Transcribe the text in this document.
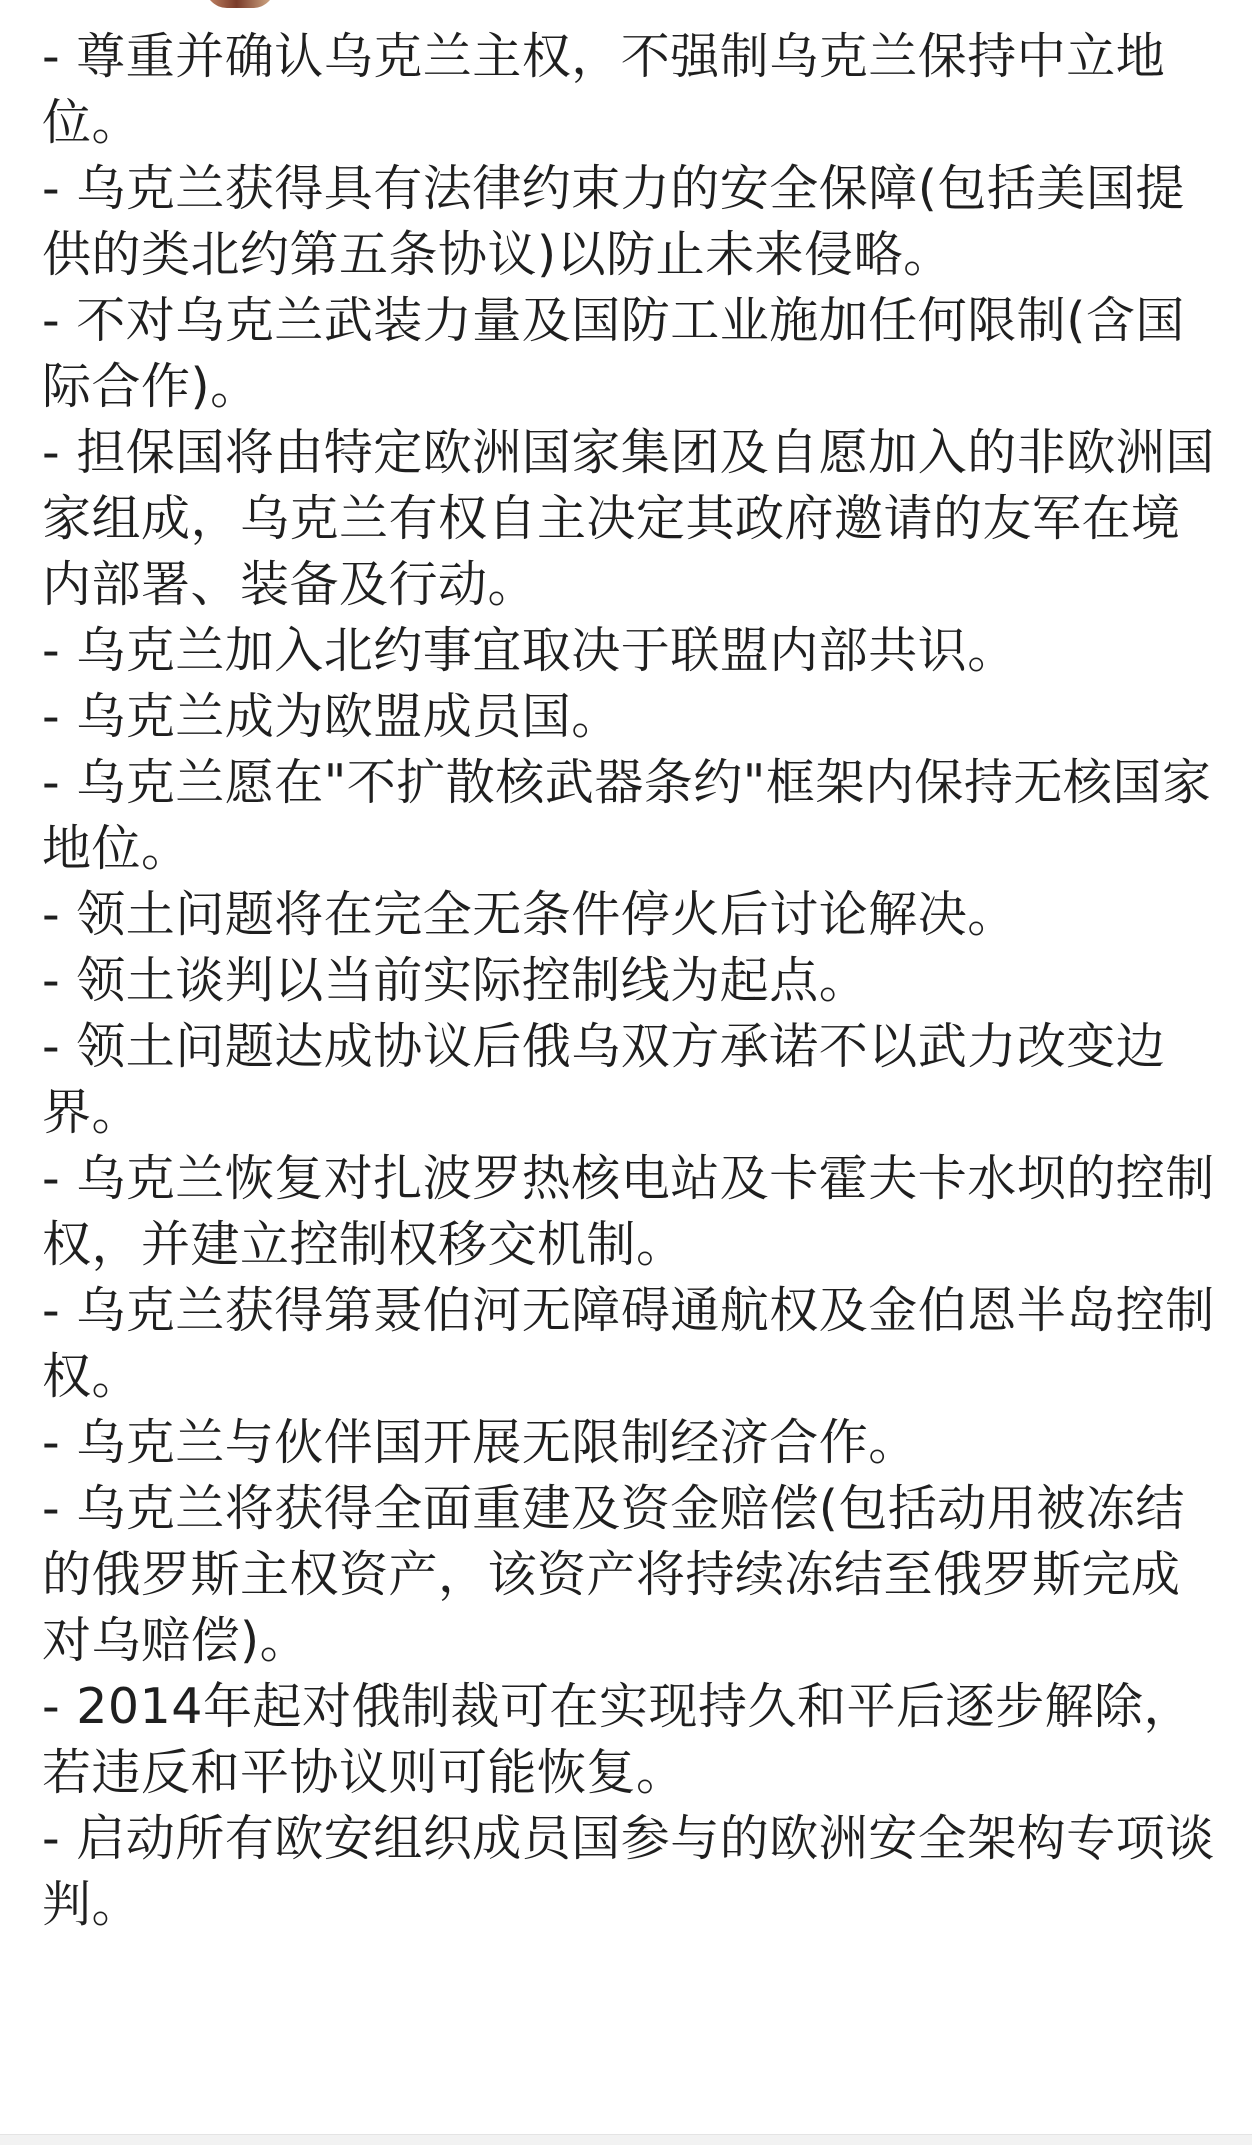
- 尊重并确认乌克兰主权，不强制乌克兰保持中立地位。

- 乌克兰获得具有法律约束力的安全保障(包括美国提供的类北约第五条协议)以防止未来侵略。

- 不对乌克兰武装力量及国防工业施加任何限制(含国际合作)。

- 担保国将由特定欧洲国家集团及自愿加入的非欧洲国家组成，乌克兰有权自主决定其政府邀请的友军在境内部署、装备及行动。

- 乌克兰加入北约事宜取决于联盟内部共识。

- 乌克兰成为欧盟成员国。

- 乌克兰愿在"不扩散核武器条约"框架内保持无核国家地位。

- 领土问题将在完全无条件停火后讨论解决。

- 领土谈判以当前实际控制线为起点。

- 领土问题达成协议后俄乌双方承诺不以武力改变边界。

- 乌克兰恢复对扎波罗热核电站及卡霍夫卡水坝的控制权，并建立控制权移交机制。

- 乌克兰获得第聂伯河无障碍通航权及金伯恩半岛控制权。

- 乌克兰与伙伴国开展无限制经济合作。

- 乌克兰将获得全面重建及资金赔偿(包括动用被冻结的俄罗斯主权资产，该资产将持续冻结至俄罗斯完成对乌赔偿)。

- 2014年起对俄制裁可在实现持久和平后逐步解除，若违反和平协议则可能恢复。

- 启动所有欧安组织成员国参与的欧洲安全架构专项谈判。
